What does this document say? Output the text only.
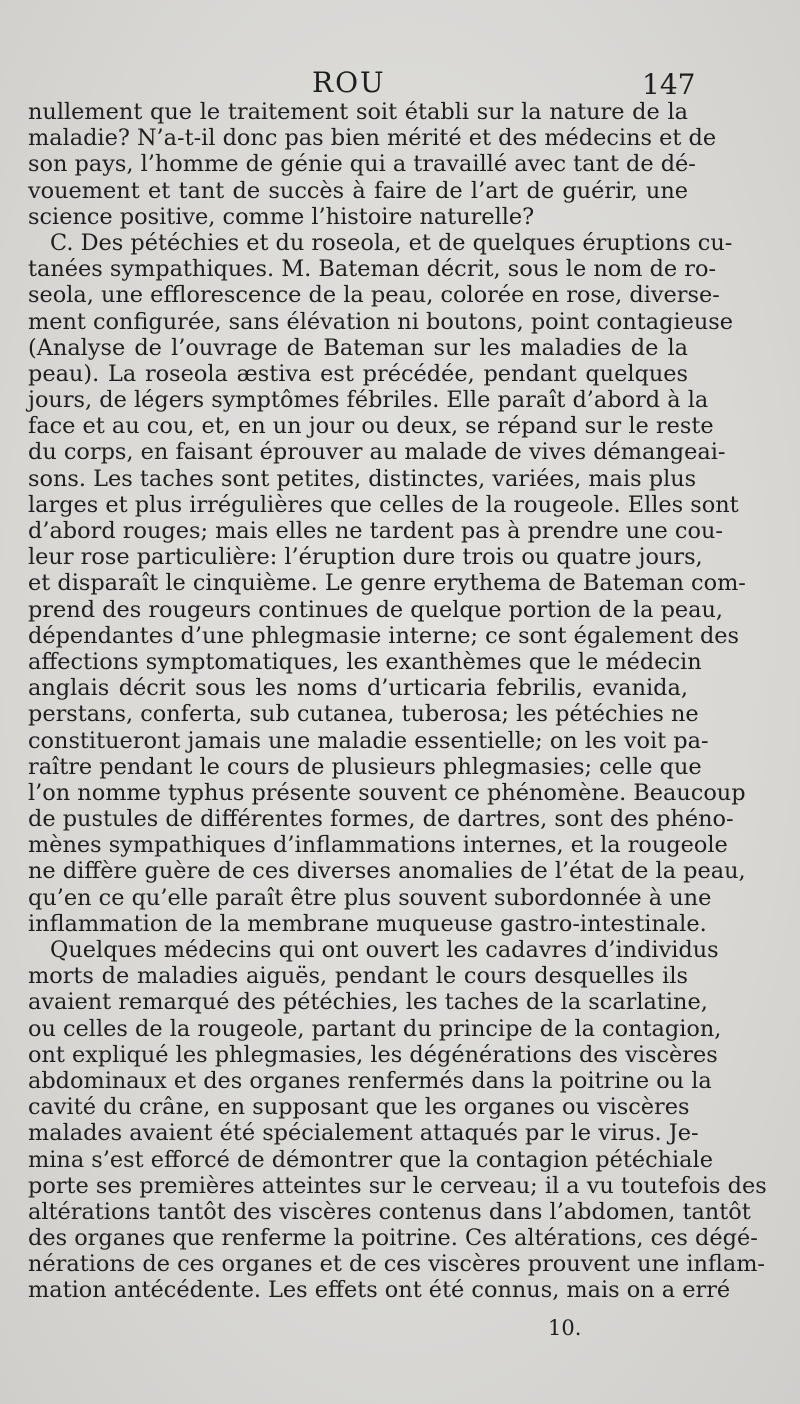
ROU	147
nullement que le traitement soit établi sur la nature de la
maladie? N’a-t-il donc pas bien mérité et des médecins et de
son pays, l’homme de génie qui a travaillé avec tant de dé-
vouement et tant de succès à faire de l’art de guérir, une
science positive, comme l’histoire naturelle?
C. Des pétéchies et du roseola, et de quelques éruptions cu-
tanées sympathiques. M. Bateman décrit, sous le nom de ro-
seola, une efflorescence de la peau, colorée en rose, diverse-
ment configurée, sans élévation ni boutons, point contagieuse
(Analyse de l’ouvrage de Bateman sur les maladies de la
peau). La roseola æstiva est précédée, pendant quelques
jours, de légers symptômes fébriles. Elle paraît d’abord à la
face et au cou, et, en un jour ou deux, se répand sur le reste
du corps, en faisant éprouver au malade de vives démangeai-
sons. Les taches sont petites, distinctes, variées, mais plus
larges et plus irrégulières que celles de la rougeole. Elles sont
d’abord rouges; mais elles ne tardent pas à prendre une cou-
leur rose particulière: l’éruption dure trois ou quatre jours,
et disparaît le cinquième. Le genre erythema de Bateman com-
prend des rougeurs continues de quelque portion de la peau,
dépendantes d’une phlegmasie interne; ce sont également des
affections symptomatiques, les exanthèmes que le médecin
anglais décrit sous les noms d’urticaria febrilis, evanida,
perstans, conferta, sub cutanea, tuberosa; les pétéchies ne
constitueront jamais une maladie essentielle; on les voit pa-
raître pendant le cours de plusieurs phlegmasies; celle que
l’on nomme typhus présente souvent ce phénomène. Beaucoup
de pustules de différentes formes, de dartres, sont des phéno-
mènes sympathiques d’inflammations internes, et la rougeole
ne diffère guère de ces diverses anomalies de l’état de la peau,
qu’en ce qu’elle paraît être plus souvent subordonnée à une
inflammation de la membrane muqueuse gastro-intestinale.
Quelques médecins qui ont ouvert les cadavres d’individus
morts de maladies aiguës, pendant le cours desquelles ils
avaient remarqué des pétéchies, les taches de la scarlatine,
ou celles de la rougeole, partant du principe de la contagion,
ont expliqué les phlegmasies, les dégénérations des viscères
abdominaux et des organes renfermés dans la poitrine ou la
cavité du crâne, en supposant que les organes ou viscères
malades avaient été spécialement attaqués par le virus. Je-
mina s’est efforcé de démontrer que la contagion pétéchiale
porte ses premières atteintes sur le cerveau; il a vu toutefois des
altérations tantôt des viscères contenus dans l’abdomen, tantôt
des organes que renferme la poitrine. Ces altérations, ces dégé-
nérations de ces organes et de ces viscères prouvent une inflam-
mation antécédente. Les effets ont été connus, mais on a erré
10.
